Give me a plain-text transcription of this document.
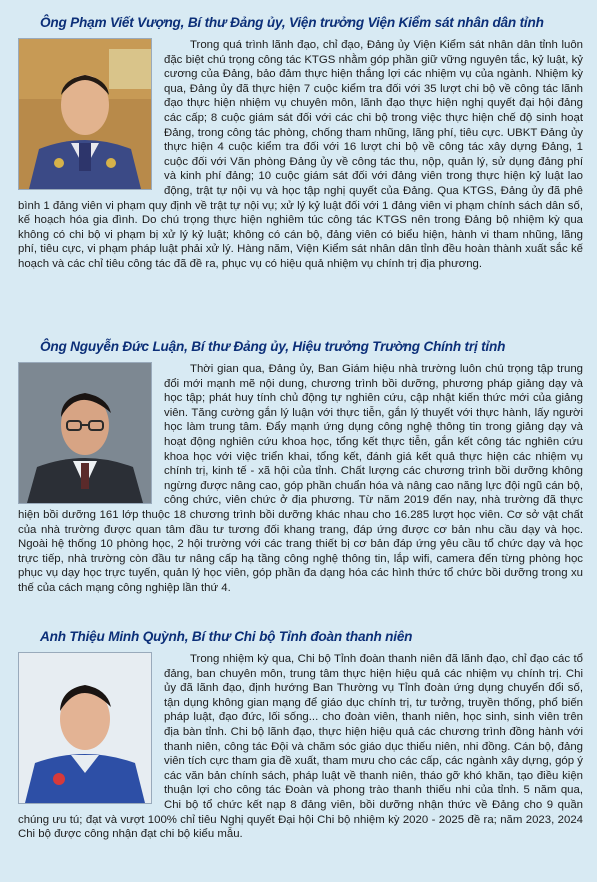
Ông Phạm Viết Vượng, Bí thư Đảng ủy, Viện trưởng Viện Kiểm sát nhân dân tỉnh

Trong quá trình lãnh đạo, chỉ đạo, Đảng ủy Viện Kiểm sát nhân dân tỉnh luôn đặc biệt chú trọng công tác KTGS nhằm góp phần giữ vững nguyên tắc, kỷ luật, kỷ cương của Đảng, bảo đảm thực hiện thắng lợi các nhiệm vụ của ngành. Nhiệm kỳ qua, Đảng ủy đã thực hiện 7 cuộc kiểm tra đối với 35 lượt chi bộ về công tác lãnh đạo thực hiện nhiệm vụ chuyên môn, lãnh đạo thực hiện nghị quyết đại hội đảng các cấp; 8 cuộc giám sát đối với các chi bộ trong việc thực hiện chế độ sinh hoạt Đảng, trong công tác phòng, chống tham nhũng, lãng phí, tiêu cực. UBKT Đảng ủy thực hiện 4 cuộc kiểm tra đối với 16 lượt chi bộ về công tác xây dựng Đảng, 1 cuộc đối với Văn phòng Đảng ủy về công tác thu, nộp, quản lý, sử dụng đảng phí và kinh phí đảng; 10 cuộc giám sát đối với đảng viên trong thực hiện kỷ luật lao động, trật tự nội vụ và học tập nghị quyết của Đảng. Qua KTGS, Đảng ủy đã phê bình 1 đảng viên vi phạm quy định về trật tự nội vụ; xử lý kỷ luật đối với 1 đảng viên vi phạm chính sách dân số, kế hoạch hóa gia đình. Do chú trọng thực hiện nghiêm túc công tác KTGS nên trong Đảng bộ nhiệm kỳ qua không có chi bộ vi phạm bị xử lý kỷ luật; không có cán bộ, đảng viên có biểu hiện, hành vi tham nhũng, lãng phí, tiêu cực, vi phạm pháp luật phải xử lý. Hàng năm, Viện Kiểm sát nhân dân tỉnh đều hoàn thành xuất sắc kế hoạch và các chỉ tiêu công tác đã đề ra, phục vụ có hiệu quả nhiệm vụ chính trị địa phương.

Ông Nguyễn Đức Luận, Bí thư Đảng ủy, Hiệu trưởng Trường Chính trị tỉnh

Thời gian qua, Đảng ủy, Ban Giám hiệu nhà trường luôn chú trọng tập trung đổi mới mạnh mẽ nội dung, chương trình bồi dưỡng, phương pháp giảng dạy và học tập; phát huy tính chủ động tự nghiên cứu, cập nhật kiến thức mới của giảng viên. Tăng cường gắn lý luận với thực tiễn, gắn lý thuyết với thực hành, lấy người học làm trung tâm. Đẩy mạnh ứng dụng công nghệ thông tin trong giảng dạy và hoạt động nghiên cứu khoa học, tổng kết thực tiễn, gắn kết công tác nghiên cứu khoa học với việc triển khai, tổng kết, đánh giá kết quả thực hiện các nhiệm vụ chính trị, kinh tế - xã hội của tỉnh. Chất lượng các chương trình bồi dưỡng không ngừng được nâng cao, góp phần chuẩn hóa và nâng cao năng lực đội ngũ cán bộ, công chức, viên chức ở địa phương. Từ năm 2019 đến nay, nhà trường đã thực hiện bồi dưỡng 161 lớp thuộc 18 chương trình bồi dưỡng khác nhau cho 16.285 lượt học viên. Cơ sở vật chất của nhà trường được quan tâm đầu tư tương đối khang trang, đáp ứng được cơ bản nhu cầu dạy và học. Ngoài hệ thống 10 phòng học, 2 hội trường với các trang thiết bị cơ bản đáp ứng yêu cầu tổ chức dạy và học trực tiếp, nhà trường còn đầu tư nâng cấp hạ tầng công nghệ thông tin, lắp wifi, camera đến từng phòng học phục vụ dạy học trực tuyến, quản lý học viên, góp phần đa dạng hóa các hình thức tổ chức bồi dưỡng trong xu thế của cách mạng công nghiệp lần thứ 4.

Anh Thiệu Minh Quỳnh, Bí thư Chi bộ Tỉnh đoàn thanh niên

Trong nhiệm kỳ qua, Chi bộ Tỉnh đoàn thanh niên đã lãnh đạo, chỉ đạo các tổ đảng, ban chuyên môn, trung tâm thực hiện hiệu quả các nhiệm vụ chính trị. Chi ủy đã lãnh đạo, định hướng Ban Thường vụ Tỉnh đoàn ứng dụng chuyển đổi số, tận dụng không gian mạng để giáo dục chính trị, tư tưởng, truyền thống, phổ biến pháp luật, đạo đức, lối sống... cho đoàn viên, thanh niên, học sinh, sinh viên trên địa bàn tỉnh. Chi bộ lãnh đạo, thực hiện hiệu quả các chương trình đồng hành với thanh niên, công tác Đội và chăm sóc giáo dục thiếu niên, nhi đồng. Cán bộ, đảng viên tích cực tham gia đề xuất, tham mưu cho các cấp, các ngành xây dựng, góp ý các văn bản chính sách, pháp luật về thanh niên, tháo gỡ khó khăn, tạo điều kiện thuận lợi cho công tác Đoàn và phong trào thanh thiếu nhi của tỉnh. 5 năm qua, Chi bộ tổ chức kết nạp 8 đảng viên, bồi dưỡng nhận thức về Đảng cho 9 quần chúng ưu tú; đạt và vượt 100% chỉ tiêu Nghị quyết Đại hội Chi bộ nhiệm kỳ 2020 - 2025 đề ra; năm 2023, 2024 Chi bộ được công nhận đạt chi bộ kiểu mẫu.
